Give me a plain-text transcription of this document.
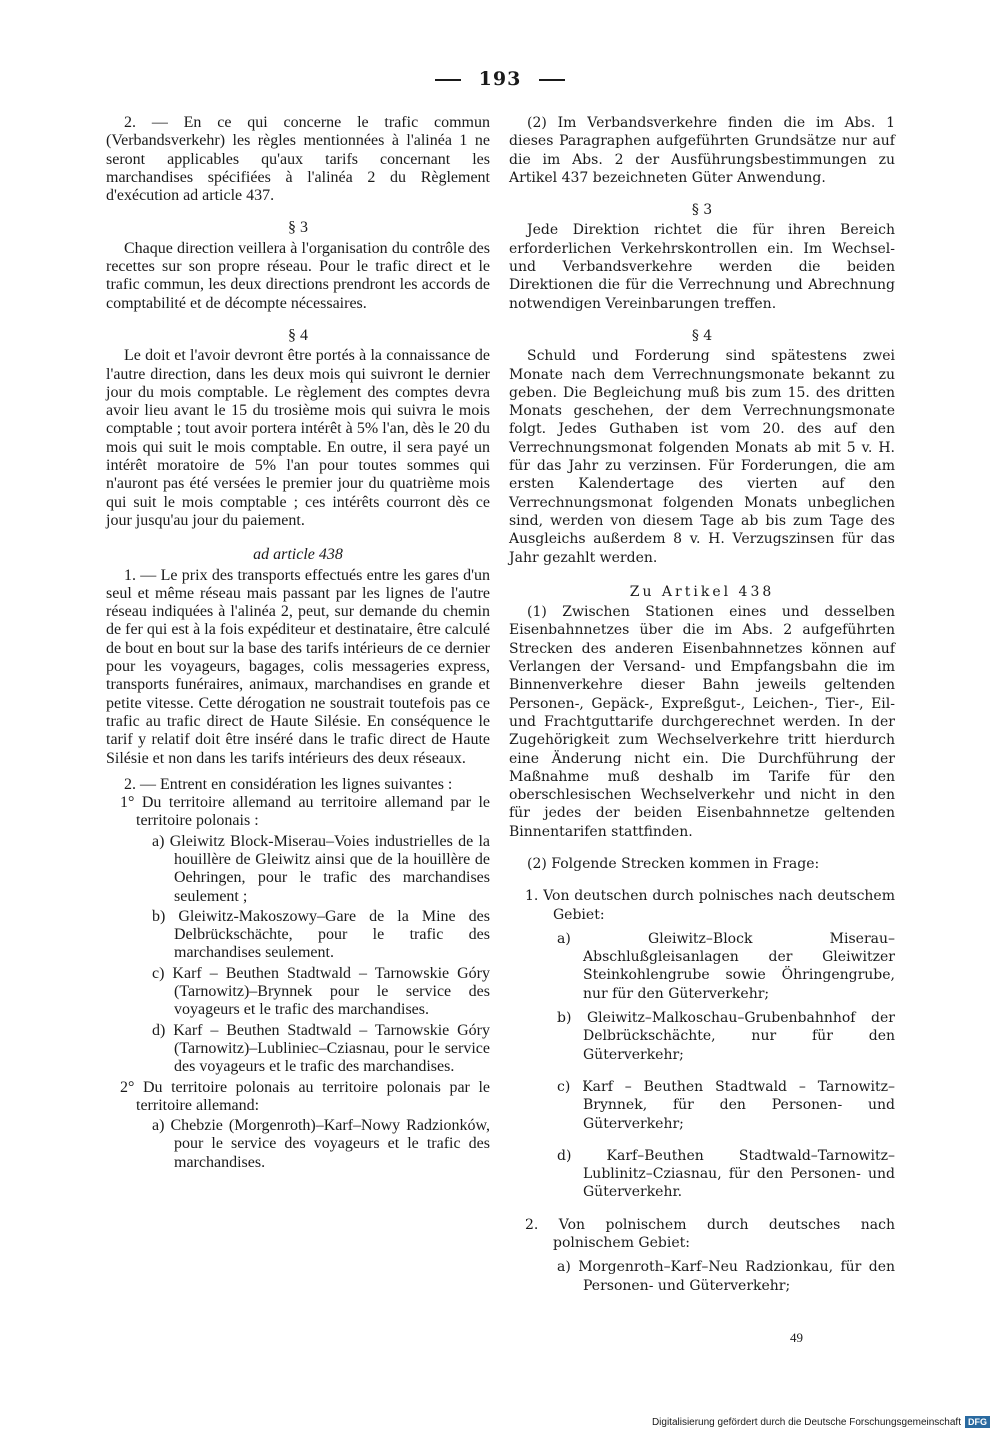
193

2. — En ce qui concerne le trafic commun (Verbandsverkehr) les règles mentionnées à l'alinéa 1 ne seront applicables qu'aux tarifs concernant les marchandises spécifiées à l'alinéa 2 du Règlement d'exécution ad article 437.

§ 3

Chaque direction veillera à l'organisation du contrôle des recettes sur son propre réseau. Pour le trafic direct et le trafic commun, les deux directions prendront les accords de comptabilité et de décompte nécessaires.

§ 4

Le doit et l'avoir devront être portés à la connaissance de l'autre direction, dans les deux mois qui suivront le dernier jour du mois comptable. Le règlement des comptes devra avoir lieu avant le 15 du trosième mois qui suivra le mois comptable ; tout avoir portera intérêt à 5% l'an, dès le 20 du mois qui suit le mois comptable. En outre, il sera payé un intérêt moratoire de 5% l'an pour toutes sommes qui n'auront pas été versées le premier jour du quatrième mois qui suit le mois comptable ; ces intérêts courront dès ce jour jusqu'au jour du paiement.

ad article 438

1. — Le prix des transports effectués entre les gares d'un seul et même réseau mais passant par les lignes de l'autre réseau indiquées à l'alinéa 2, peut, sur demande du chemin de fer qui est à la fois expéditeur et destinataire, être calculé de bout en bout sur la base des tarifs intérieurs de ce dernier pour les voyageurs, bagages, colis messageries express, transports funéraires, animaux, marchandises en grande et petite vitesse. Cette dérogation ne soustrait toutefois pas ce trafic au trafic direct de Haute Silésie. En conséquence le tarif y relatif doit être inséré dans le trafic direct de Haute Silésie et non dans les tarifs intérieurs des deux réseaux.

2. — Entrent en considération les lignes suivantes :

1° Du territoire allemand au territoire allemand par le territoire polonais :

a) Gleiwitz Block-Miserau–Voies industrielles de la houillère de Gleiwitz ainsi que de la houillère de Oehringen, pour le trafic des marchandises seulement ;

b) Gleiwitz-Makoszowy–Gare de la Mine des Delbrückschächte, pour le trafic des marchandises seulement.

c) Karf – Beuthen Stadtwald – Tarnowskie Góry (Tarnowitz)–Brynnek pour le service des voyageurs et le trafic des marchandises.

d) Karf – Beuthen Stadtwald – Tarnowskie Góry (Tarnowitz)–Lubliniec–Cziasnau, pour le service des voyageurs et le trafic des marchandises.

2° Du territoire polonais au territoire polonais par le territoire allemand:

a) Chebzie (Morgenroth)–Karf–Nowy Radzionków, pour le service des voyageurs et le trafic des marchandises.

(2) Im Verbandsverkehre finden die im Abs. 1 dieses Paragraphen aufgeführten Grundsätze nur auf die im Abs. 2 der Ausführungsbestimmungen zu Artikel 437 bezeichneten Güter Anwendung.

§ 3

Jede Direktion richtet die für ihren Bereich erforderlichen Verkehrskontrollen ein. Im Wechsel- und Verbandsverkehre werden die beiden Direktionen die für die Verrechnung und Abrechnung notwendigen Vereinbarungen treffen.

§ 4

Schuld und Forderung sind spätestens zwei Monate nach dem Verrechnungsmonate bekannt zu geben. Die Begleichung muß bis zum 15. des dritten Monats geschehen, der dem Verrechnungsmonate folgt. Jedes Guthaben ist vom 20. des auf den Verrechnungsmonat folgenden Monats ab mit 5 v. H. für das Jahr zu verzinsen. Für Forderungen, die am ersten Kalendertage des vierten auf den Verrechnungsmonat folgenden Monats unbeglichen sind, werden von diesem Tage ab bis zum Tage des Ausgleichs außerdem 8 v. H. Verzugszinsen für das Jahr gezahlt werden.

Zu Artikel 438

(1) Zwischen Stationen eines und desselben Eisenbahnnetzes über die im Abs. 2 aufgeführten Strecken des anderen Eisenbahnnetzes können auf Verlangen der Versand- und Empfangsbahn die im Binnenverkehre dieser Bahn jeweils geltenden Personen-, Gepäck-, Expreßgut-, Leichen-, Tier-, Eil- und Frachtguttarife durchgerechnet werden. In der Zugehörigkeit zum Wechselverkehre tritt hierdurch eine Änderung nicht ein. Die Durchführung der Maßnahme muß deshalb im Tarife für den oberschlesischen Wechselverkehr und nicht in den für jedes der beiden Eisenbahnnetze geltenden Binnentarifen stattfinden.

(2) Folgende Strecken kommen in Frage:

1. Von deutschen durch polnisches nach deutschem Gebiet:

a) Gleiwitz–Block Miserau–Abschlußgleisanlagen der Gleiwitzer Steinkohlengrube sowie Öhringengrube, nur für den Güterverkehr;

b) Gleiwitz–Malkoschau–Grubenbahnhof der Delbrückschächte, nur für den Güterverkehr;

c) Karf – Beuthen Stadtwald – Tarnowitz–Brynnek, für den Personen- und Güterverkehr;

d) Karf–Beuthen Stadtwald–Tarnowitz–Lublinitz–Cziasnau, für den Personen- und Güterverkehr.

2. Von polnischem durch deutsches nach polnischem Gebiet:

a) Morgenroth–Karf–Neu Radzionkau, für den Personen- und Güterverkehr;

49
Digitalisierung gefördert durch die Deutsche Forschungsgemeinschaft DFG
